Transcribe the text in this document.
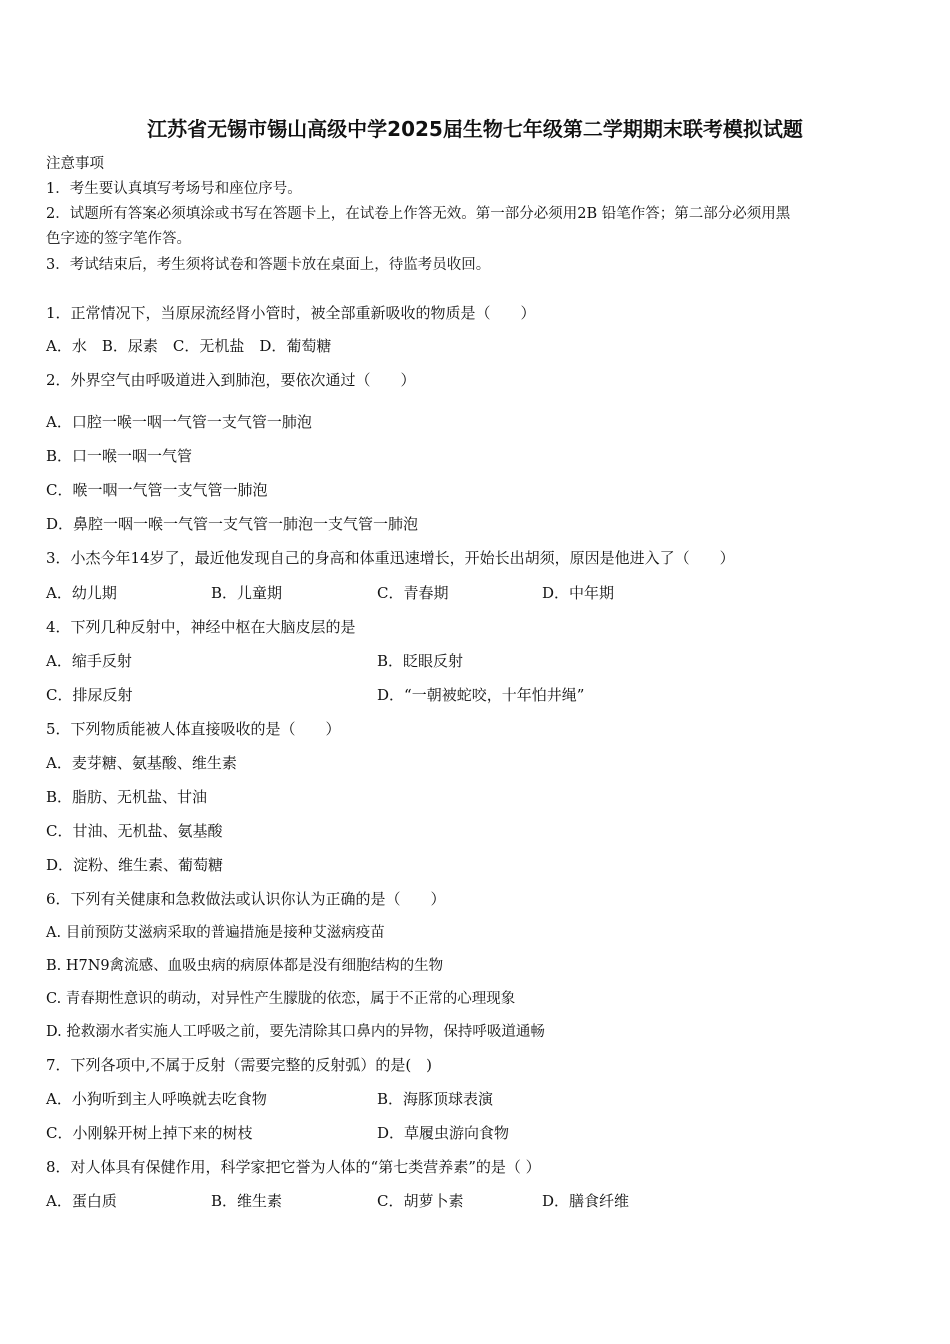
江苏省无锡市锡山高级中学2025届生物七年级第二学期期末联考模拟试题
注意事项
1．考生要认真填写考场号和座位序号。
2．试题所有答案必须填涂或书写在答题卡上，在试卷上作答无效。第一部分必须用2B 铅笔作答；第二部分必须用黑
色字迹的签字笔作答。
3．考试结束后，考生须将试卷和答题卡放在桌面上，待监考员收回。
1．正常情况下，当原尿流经肾小管时，被全部重新吸收的物质是（　　）
A．水　B．尿素　C．无机盐　D．葡萄糖
2．外界空气由呼吸道进入到肺泡，要依次通过（　　）
A．口腔一喉一咽一气管一支气管一肺泡
B．口一喉一咽一气管
C．喉一咽一气管一支气管一肺泡
D．鼻腔一咽一喉一气管一支气管一肺泡一支气管一肺泡
3．小杰今年14岁了，最近他发现自己的身高和体重迅速增长，开始长出胡须，原因是他进入了（　　）
A．幼儿期	B．儿童期	C．青春期	D．中年期
4．下列几种反射中，神经中枢在大脑皮层的是
A．缩手反射	B．眨眼反射
C．排尿反射	D．“一朝被蛇咬，十年怕井绳”
5．下列物质能被人体直接吸收的是（　　）
A．麦芽糖、氨基酸、维生素
B．脂肪、无机盐、甘油
C．甘油、无机盐、氨基酸
D．淀粉、维生素、葡萄糖
6．下列有关健康和急救做法或认识你认为正确的是（　　）
A. 目前预防艾滋病采取的普遍措施是接种艾滋病疫苗
B. H7N9禽流感、血吸虫病的病原体都是没有细胞结构的生物
C. 青春期性意识的萌动，对异性产生朦胧的依恋，属于不正常的心理现象
D. 抢救溺水者实施人工呼吸之前，要先清除其口鼻内的异物，保持呼吸道通畅
7．下列各项中,不属于反射（需要完整的反射弧）的是(　)
A．小狗听到主人呼唤就去吃食物	B．海豚顶球表演
C．小刚躲开树上掉下来的树枝	D．草履虫游向食物
8．对人体具有保健作用，科学家把它誉为人体的“第七类营养素”的是（ ）
A．蛋白质	B．维生素	C．胡萝卜素	D．膳食纤维
